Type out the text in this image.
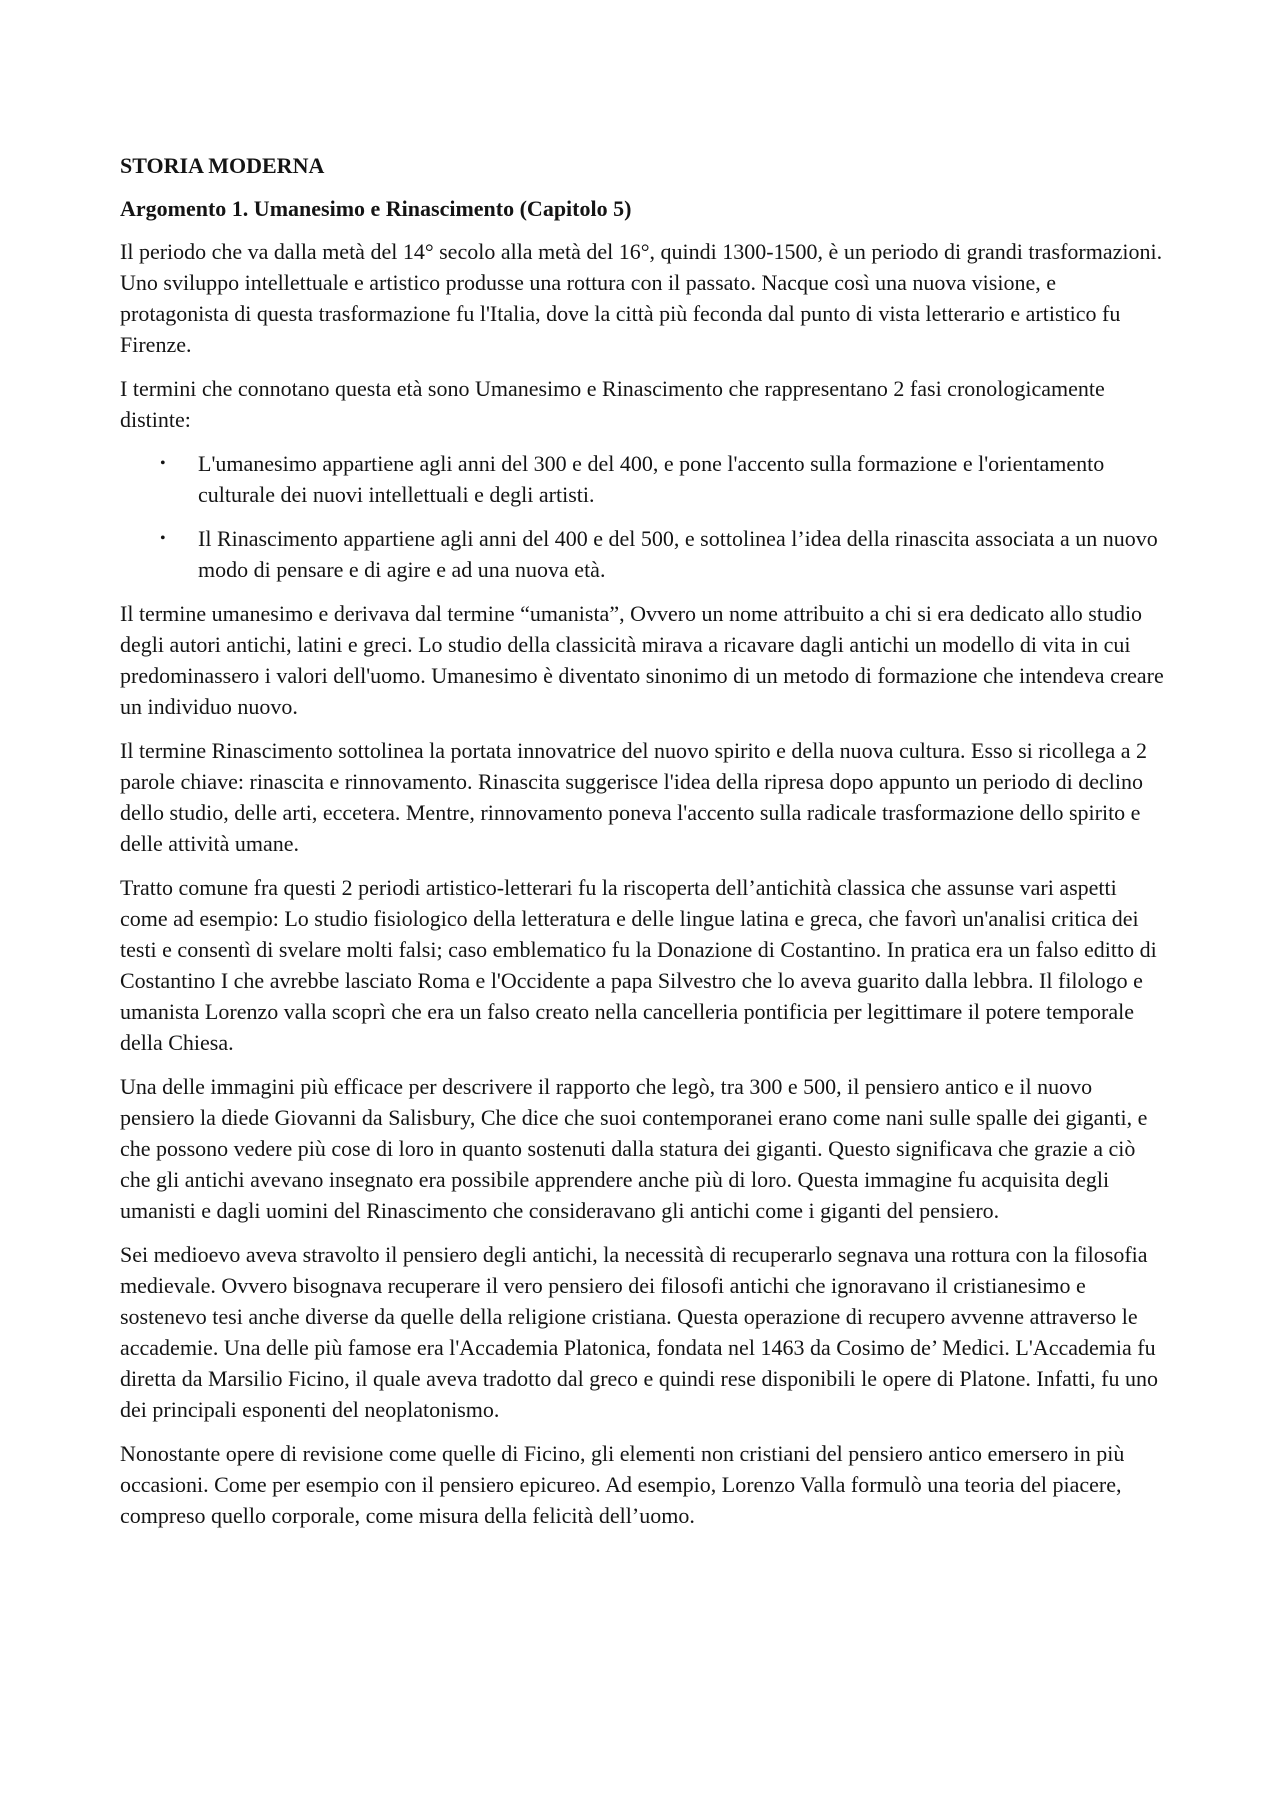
STORIA MODERNA
Argomento 1. Umanesimo e Rinascimento (Capitolo 5)

Il periodo che va dalla metà del 14° secolo alla metà del 16°, quindi 1300-1500, è un periodo di grandi trasformazioni. Uno sviluppo intellettuale e artistico produsse una rottura con il passato. Nacque così una nuova visione, e protagonista di questa trasformazione fu l'Italia, dove la città più feconda dal punto di vista letterario e artistico fu Firenze.

I termini che connotano questa età sono Umanesimo e Rinascimento che rappresentano 2 fasi cronologicamente distinte:

• L'umanesimo appartiene agli anni del 300 e del 400, e pone l'accento sulla formazione e l'orientamento culturale dei nuovi intellettuali e degli artisti.
• Il Rinascimento appartiene agli anni del 400 e del 500, e sottolinea l’idea della rinascita associata a un nuovo modo di pensare e di agire e ad una nuova età.

Il termine umanesimo e derivava dal termine “umanista”, Ovvero un nome attribuito a chi si era dedicato allo studio degli autori antichi, latini e greci. Lo studio della classicità mirava a ricavare dagli antichi un modello di vita in cui predominassero i valori dell'uomo. Umanesimo è diventato sinonimo di un metodo di formazione che intendeva creare un individuo nuovo.

Il termine Rinascimento sottolinea la portata innovatrice del nuovo spirito e della nuova cultura. Esso si ricollega a 2 parole chiave: rinascita e rinnovamento. Rinascita suggerisce l'idea della ripresa dopo appunto un periodo di declino dello studio, delle arti, eccetera. Mentre, rinnovamento poneva l'accento sulla radicale trasformazione dello spirito e delle attività umane.

Tratto comune fra questi 2 periodi artistico-letterari fu la riscoperta dell’antichità classica che assunse vari aspetti come ad esempio: Lo studio fisiologico della letteratura e delle lingue latina e greca, che favorì un'analisi critica dei testi e consentì di svelare molti falsi; caso emblematico fu la Donazione di Costantino. In pratica era un falso editto di Costantino I che avrebbe lasciato Roma e l'Occidente a papa Silvestro che lo aveva guarito dalla lebbra. Il filologo e umanista Lorenzo valla scoprì che era un falso creato nella cancelleria pontificia per legittimare il potere temporale della Chiesa.

Una delle immagini più efficace per descrivere il rapporto che legò, tra 300 e 500, il pensiero antico e il nuovo pensiero la diede Giovanni da Salisbury, Che dice che suoi contemporanei erano come nani sulle spalle dei giganti, e che possono vedere più cose di loro in quanto sostenuti dalla statura dei giganti. Questo significava che grazie a ciò che gli antichi avevano insegnato era possibile apprendere anche più di loro. Questa immagine fu acquisita degli umanisti e dagli uomini del Rinascimento che consideravano gli antichi come i giganti del pensiero.

Sei medioevo aveva stravolto il pensiero degli antichi, la necessità di recuperarlo segnava una rottura con la filosofia medievale. Ovvero bisognava recuperare il vero pensiero dei filosofi antichi che ignoravano il cristianesimo e sostenevo tesi anche diverse da quelle della religione cristiana. Questa operazione di recupero avvenne attraverso le accademie. Una delle più famose era l'Accademia Platonica, fondata nel 1463 da Cosimo de’ Medici. L'Accademia fu diretta da Marsilio Ficino, il quale aveva tradotto dal greco e quindi rese disponibili le opere di Platone. Infatti, fu uno dei principali esponenti del neoplatonismo.

Nonostante opere di revisione come quelle di Ficino, gli elementi non cristiani del pensiero antico emersero in più occasioni. Come per esempio con il pensiero epicureo. Ad esempio, Lorenzo Valla formulò una teoria del piacere, compreso quello corporale, come misura della felicità dell’uomo.
